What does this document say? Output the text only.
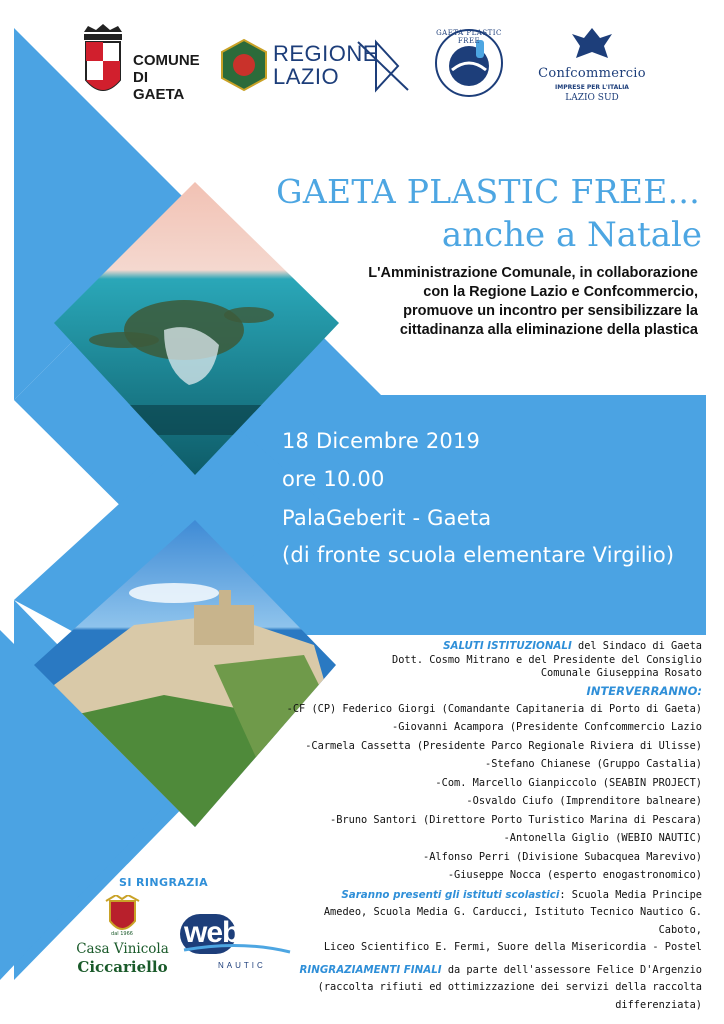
COMUNE
DI GAETA
REGIONE
LAZIO
GAETA PLASTIC FREE
Confcommercio
IMPRESE PER L'ITALIA
LAZIO SUD
GAETA PLASTIC FREE...
anche a Natale
L'Amministrazione Comunale, in collaborazione
con la Regione Lazio e Confcommercio,
promuove un incontro per sensibilizzare la
cittadinanza alla eliminazione della plastica
18 Dicembre 2019
ore 10.00
PalaGeberit - Gaeta
(di fronte scuola elementare Virgilio)
SALUTI ISTITUZIONALI del Sindaco di Gaeta
Dott. Cosmo Mitrano e del Presidente del Consiglio
Comunale Giuseppina Rosato
INTERVERRANNO:
-CF (CP) Federico Giorgi (Comandante Capitaneria di Porto di Gaeta)
-Giovanni Acampora (Presidente Confcommercio Lazio
-Carmela Cassetta (Presidente Parco Regionale Riviera di Ulisse)
-Stefano Chianese (Gruppo Castalia)
-Com. Marcello Gianpiccolo (SEABIN PROJECT)
-Osvaldo Ciufo (Imprenditore balneare)
-Bruno Santori (Direttore Porto Turistico Marina di Pescara)
-Antonella Giglio (WEBIO NAUTIC)
-Alfonso Perri (Divisione Subacquea Marevivo)
-Giuseppe Nocca (esperto enogastronomico)
Saranno presenti gli istituti scolastici: Scuola Media Principe
Amedeo, Scuola Media G. Carducci, Istituto Tecnico Nautico G. Caboto,
Liceo Scientifico E. Fermi, Suore della Misericordia - Postel
RINGRAZIAMENTI FINALI da parte dell'assessore Felice D'Argenzio
(raccolta rifiuti ed ottimizzazione dei servizi della raccolta
differenziata)
SI RINGRAZIA
dal 1966
Casa Vinicola
Ciccariello
webio
NAUTIC
